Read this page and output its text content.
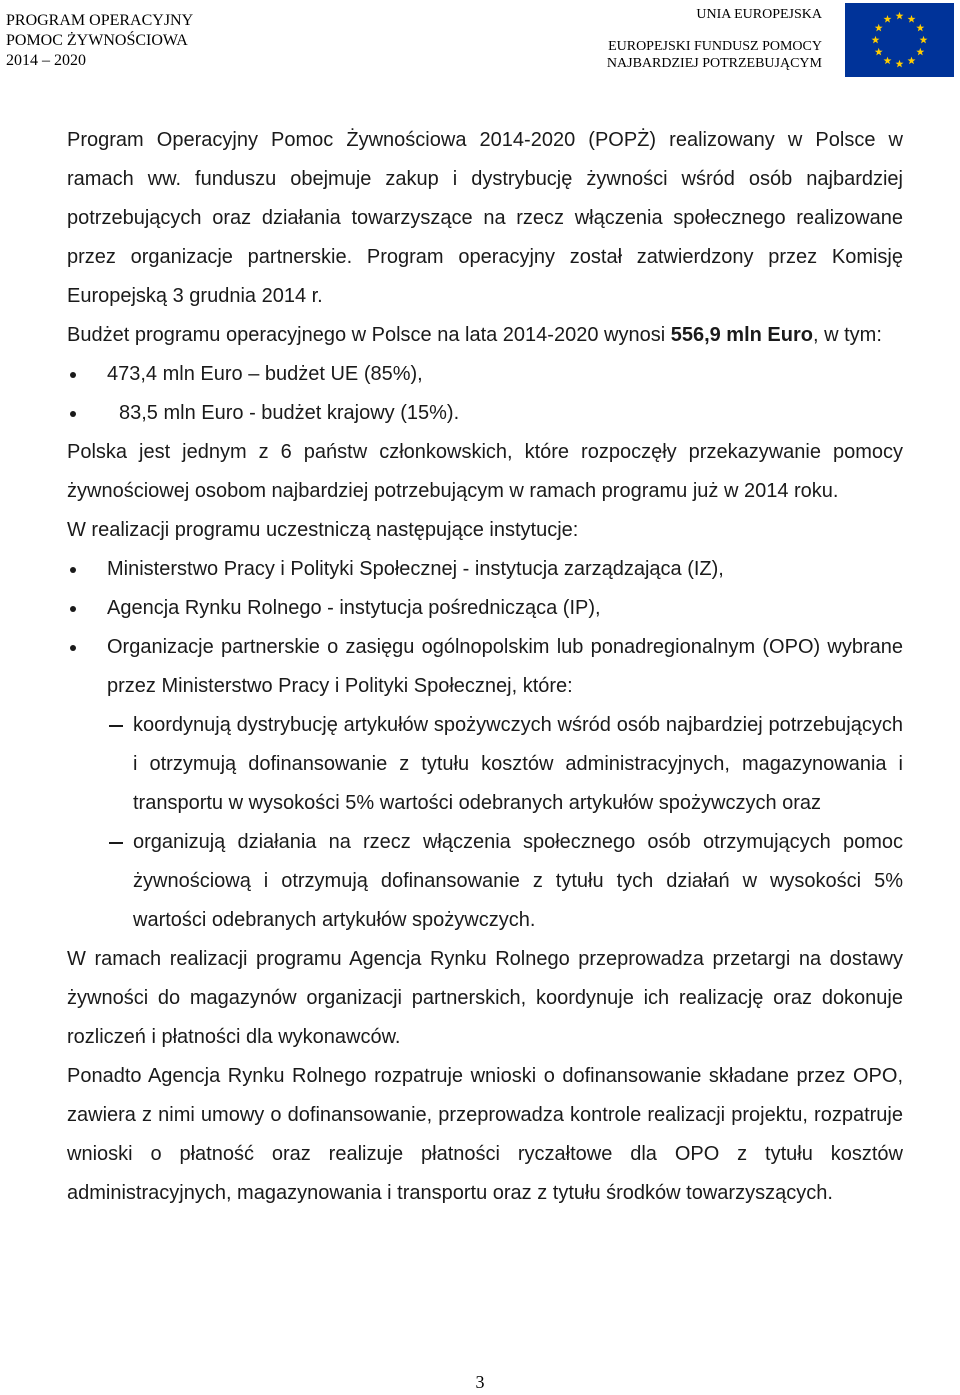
PROGRAM OPERACYJNY
POMOC ŻYWNOŚCIOWA
2014 – 2020
UNIA EUROPEJSKA
EUROPEJSKI FUNDUSZ POMOCY
NAJBARDZIEJ POTRZEBUJĄCYM

Program Operacyjny Pomoc Żywnościowa 2014-2020 (POPŻ) realizowany w Polsce w ramach ww. funduszu obejmuje zakup i dystrybucję żywności wśród osób najbardziej potrzebujących oraz działania towarzyszące na rzecz włączenia społecznego realizowane przez organizacje partnerskie. Program operacyjny został zatwierdzony przez Komisję Europejską 3 grudnia 2014 r.

Budżet programu operacyjnego w Polsce na lata 2014-2020 wynosi 556,9 mln Euro, w tym:

473,4 mln Euro – budżet UE (85%),
83,5 mln Euro - budżet krajowy (15%).

Polska jest jednym z 6 państw członkowskich, które rozpoczęły przekazywanie pomocy żywnościowej osobom najbardziej potrzebującym w ramach programu już w 2014 roku.

W realizacji programu uczestniczą następujące instytucje:

Ministerstwo Pracy i Polityki Społecznej - instytucja zarządzająca (IZ),
Agencja Rynku Rolnego - instytucja pośrednicząca (IP),
Organizacje partnerskie o zasięgu ogólnopolskim lub ponadregionalnym (OPO) wybrane przez Ministerstwo Pracy i Polityki Społecznej, które:
koordynują dystrybucję artykułów spożywczych wśród osób najbardziej potrzebujących i otrzymują dofinansowanie z tytułu kosztów administracyjnych, magazynowania i transportu w wysokości 5% wartości odebranych artykułów spożywczych oraz
organizują działania na rzecz włączenia społecznego osób otrzymujących pomoc żywnościową i otrzymują dofinansowanie z tytułu tych działań w wysokości 5% wartości odebranych artykułów spożywczych.

W ramach realizacji programu Agencja Rynku Rolnego przeprowadza przetargi na dostawy żywności do magazynów organizacji partnerskich, koordynuje ich realizację oraz dokonuje rozliczeń i płatności dla wykonawców.

Ponadto Agencja Rynku Rolnego rozpatruje wnioski o dofinansowanie składane przez OPO, zawiera z nimi umowy o dofinansowanie, przeprowadza kontrole realizacji projektu, rozpatruje wnioski o płatność oraz realizuje płatności ryczałtowe dla OPO z tytułu kosztów administracyjnych, magazynowania i transportu oraz z tytułu środków towarzyszących.

3
